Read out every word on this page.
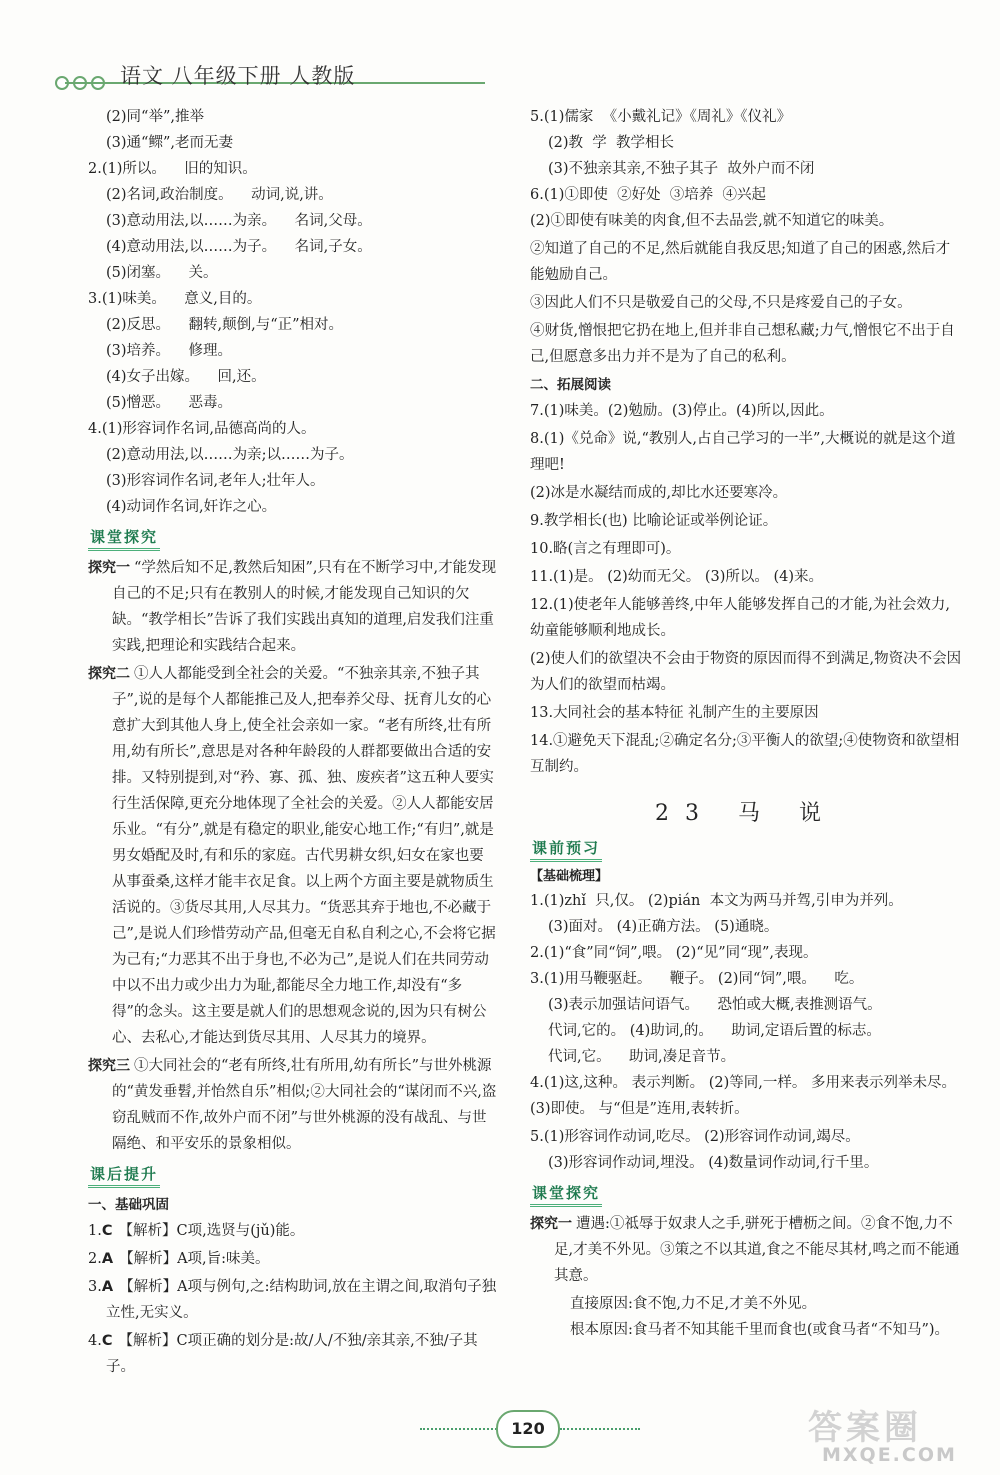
语文 八年级下册 人教版
(2)同“举”,推举
(3)通“鳏”,老而无妻
2.(1)所以。    旧的知识。
(2)名词,政治制度。    动词,说,讲。
(3)意动用法,以……为亲。    名词,父母。
(4)意动用法,以……为子。    名词,子女。
(5)闭塞。    关。
3.(1)味美。    意义,目的。
(2)反思。    翻转,颠倒,与“正”相对。
(3)培养。    修理。
(4)女子出嫁。    回,还。
(5)憎恶。    恶毒。
4.(1)形容词作名词,品德高尚的人。
(2)意动用法,以……为亲;以……为子。
(3)形容词作名词,老年人;壮年人。
(4)动词作名词,奸诈之心。
课堂探究
探究一 “学然后知不足,教然后知困”,只有在不断学习中,才能发现自己的不足;只有在教别人的时候,才能发现自己知识的欠缺。“教学相长”告诉了我们实践出真知的道理,启发我们注重实践,把理论和实践结合起来。
探究二 ①人人都能受到全社会的关爱。“不独亲其亲,不独子其子”,说的是每个人都能推己及人,把奉养父母、抚育儿女的心意扩大到其他人身上,使全社会亲如一家。“老有所终,壮有所用,幼有所长”,意思是对各种年龄段的人群都要做出合适的安排。又特别提到,对“矜、寡、孤、独、废疾者”这五种人要实行生活保障,更充分地体现了全社会的关爱。②人人都能安居乐业。“有分”,就是有稳定的职业,能安心地工作;“有归”,就是男女婚配及时,有和乐的家庭。古代男耕女织,妇女在家也要从事蚕桑,这样才能丰衣足食。以上两个方面主要是就物质生活说的。③货尽其用,人尽其力。“货恶其弃于地也,不必藏于己”,是说人们珍惜劳动产品,但毫无自私自利之心,不会将它据为己有;“力恶其不出于身也,不必为己”,是说人们在共同劳动中以不出力或少出力为耻,都能尽全力地工作,却没有“多得”的念头。这主要是就人们的思想观念说的,因为只有树公心、去私心,才能达到货尽其用、人尽其力的境界。
探究三 ①大同社会的“老有所终,壮有所用,幼有所长”与世外桃源的“黄发垂髫,并怡然自乐”相似;②大同社会的“谋闭而不兴,盗窃乱贼而不作,故外户而不闭”与世外桃源的没有战乱、与世隔绝、和平安乐的景象相似。
课后提升
一、基础巩固
1.C 【解析】C项,选贤与(jǔ)能。
2.A 【解析】A项,旨:味美。
3.A 【解析】A项与例句,之:结构助词,放在主谓之间,取消句子独立性,无实义。
4.C 【解析】C项正确的划分是:故/人/不独/亲其亲,不独/子其子。
5.(1)儒家  《小戴礼记》《周礼》《仪礼》
(2)教  学  教学相长
(3)不独亲其亲,不独子其子  故外户而不闭
6.(1)①即使  ②好处  ③培养  ④兴起
(2)①即使有味美的肉食,但不去品尝,就不知道它的味美。
②知道了自己的不足,然后就能自我反思;知道了自己的困惑,然后才能勉励自己。
③因此人们不只是敬爱自己的父母,不只是疼爱自己的子女。
④财货,憎恨把它扔在地上,但并非自己想私藏;力气,憎恨它不出于自己,但愿意多出力并不是为了自己的私利。
二、拓展阅读
7.(1)味美。(2)勉励。(3)停止。(4)所以,因此。
8.(1)《兑命》说,“教别人,占自己学习的一半”,大概说的就是这个道理吧!
(2)冰是水凝结而成的,却比水还要寒冷。
9.教学相长(也) 比喻论证或举例论证。
10.略(言之有理即可)。
11.(1)是。 (2)幼而无父。 (3)所以。 (4)来。
12.(1)使老年人能够善终,中年人能够发挥自己的才能,为社会效力,幼童能够顺利地成长。
(2)使人们的欲望决不会由于物资的原因而得不到满足,物资决不会因为人们的欲望而枯竭。
13.大同社会的基本特征 礼制产生的主要原因
14.①避免天下混乱;②确定名分;③平衡人的欲望;④使物资和欲望相互制约。
23 马 说
课前预习
【基础梳理】
1.(1)zhǐ  只,仅。 (2)pián  本文为两马并驾,引申为并列。
(3)面对。 (4)正确方法。 (5)通晓。
2.(1)“食”同“饲”,喂。 (2)“见”同“现”,表现。
3.(1)用马鞭驱赶。    鞭子。 (2)同“饲”,喂。    吃。
(3)表示加强诘问语气。    恐怕或大概,表推测语气。
代词,它的。 (4)助词,的。    助词,定语后置的标志。
代词,它。    助词,凑足音节。
4.(1)这,这种。 表示判断。 (2)等同,一样。 多用来表示列举未尽。 (3)即使。 与“但是”连用,表转折。
5.(1)形容词作动词,吃尽。 (2)形容词作动词,竭尽。
(3)形容词作动词,埋没。 (4)数量词作动词,行千里。
课堂探究
探究一 遭遇:①祗辱于奴隶人之手,骈死于槽枥之间。②食不饱,力不足,才美不外见。③策之不以其道,食之不能尽其材,鸣之而不能通其意。
直接原因:食不饱,力不足,才美不外见。
根本原因:食马者不知其能千里而食也(或食马者“不知马”)。
120	答案圈
MXQE.COM
